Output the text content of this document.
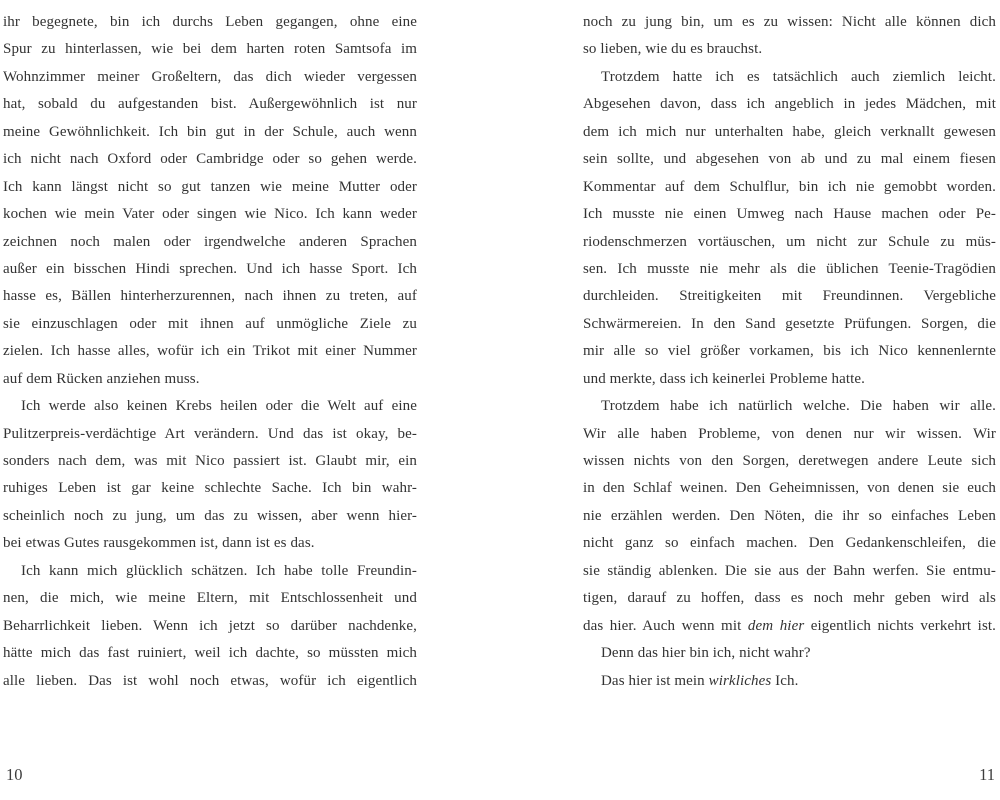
ihr begegnete, bin ich durchs Leben gegangen, ohne eine
Spur zu hinterlassen, wie bei dem harten roten Samtsofa im
Wohnzimmer meiner Großeltern, das dich wieder vergessen
hat, sobald du aufgestanden bist. Außergewöhnlich ist nur
meine Gewöhnlichkeit. Ich bin gut in der Schule, auch wenn
ich nicht nach Oxford oder Cambridge oder so gehen werde.
Ich kann längst nicht so gut tanzen wie meine Mutter oder
kochen wie mein Vater oder singen wie Nico. Ich kann weder
zeichnen noch malen oder irgendwelche anderen Sprachen
außer ein bisschen Hindi sprechen. Und ich hasse Sport. Ich
hasse es, Bällen hinterherzurennen, nach ihnen zu treten, auf
sie einzuschlagen oder mit ihnen auf unmögliche Ziele zu
zielen. Ich hasse alles, wofür ich ein Trikot mit einer Nummer
auf dem Rücken anziehen muss.
Ich werde also keinen Krebs heilen oder die Welt auf eine
Pulitzerpreis-verdächtige Art verändern. Und das ist okay, be-
sonders nach dem, was mit Nico passiert ist. Glaubt mir, ein
ruhiges Leben ist gar keine schlechte Sache. Ich bin wahr-
scheinlich noch zu jung, um das zu wissen, aber wenn hier-
bei etwas Gutes rausgekommen ist, dann ist es das.
Ich kann mich glücklich schätzen. Ich habe tolle Freundin-
nen, die mich, wie meine Eltern, mit Entschlossenheit und
Beharrlichkeit lieben. Wenn ich jetzt so darüber nachdenke,
hätte mich das fast ruiniert, weil ich dachte, so müssten mich
alle lieben. Das ist wohl noch etwas, wofür ich eigentlich
noch zu jung bin, um es zu wissen: Nicht alle können dich
so lieben, wie du es brauchst.
Trotzdem hatte ich es tatsächlich auch ziemlich leicht.
Abgesehen davon, dass ich angeblich in jedes Mädchen, mit
dem ich mich nur unterhalten habe, gleich verknallt gewesen
sein sollte, und abgesehen von ab und zu mal einem fiesen
Kommentar auf dem Schulflur, bin ich nie gemobbt worden.
Ich musste nie einen Umweg nach Hause machen oder Pe-
riodenschmerzen vortäuschen, um nicht zur Schule zu müs-
sen. Ich musste nie mehr als die üblichen Teenie-Tragödien
durchleiden. Streitigkeiten mit Freundinnen. Vergebliche
Schwärmereien. In den Sand gesetzte Prüfungen. Sorgen, die
mir alle so viel größer vorkamen, bis ich Nico kennenlernte
und merkte, dass ich keinerlei Probleme hatte.
Trotzdem habe ich natürlich welche. Die haben wir alle.
Wir alle haben Probleme, von denen nur wir wissen. Wir
wissen nichts von den Sorgen, deretwegen andere Leute sich
in den Schlaf weinen. Den Geheimnissen, von denen sie euch
nie erzählen werden. Den Nöten, die ihr so einfaches Leben
nicht ganz so einfach machen. Den Gedankenschleifen, die
sie ständig ablenken. Die sie aus der Bahn werfen. Sie entmu-
tigen, darauf zu hoffen, dass es noch mehr geben wird als
das hier. Auch wenn mit dem hier eigentlich nichts verkehrt ist.
Denn das hier bin ich, nicht wahr?
Das hier ist mein wirkliches Ich.
10	11
